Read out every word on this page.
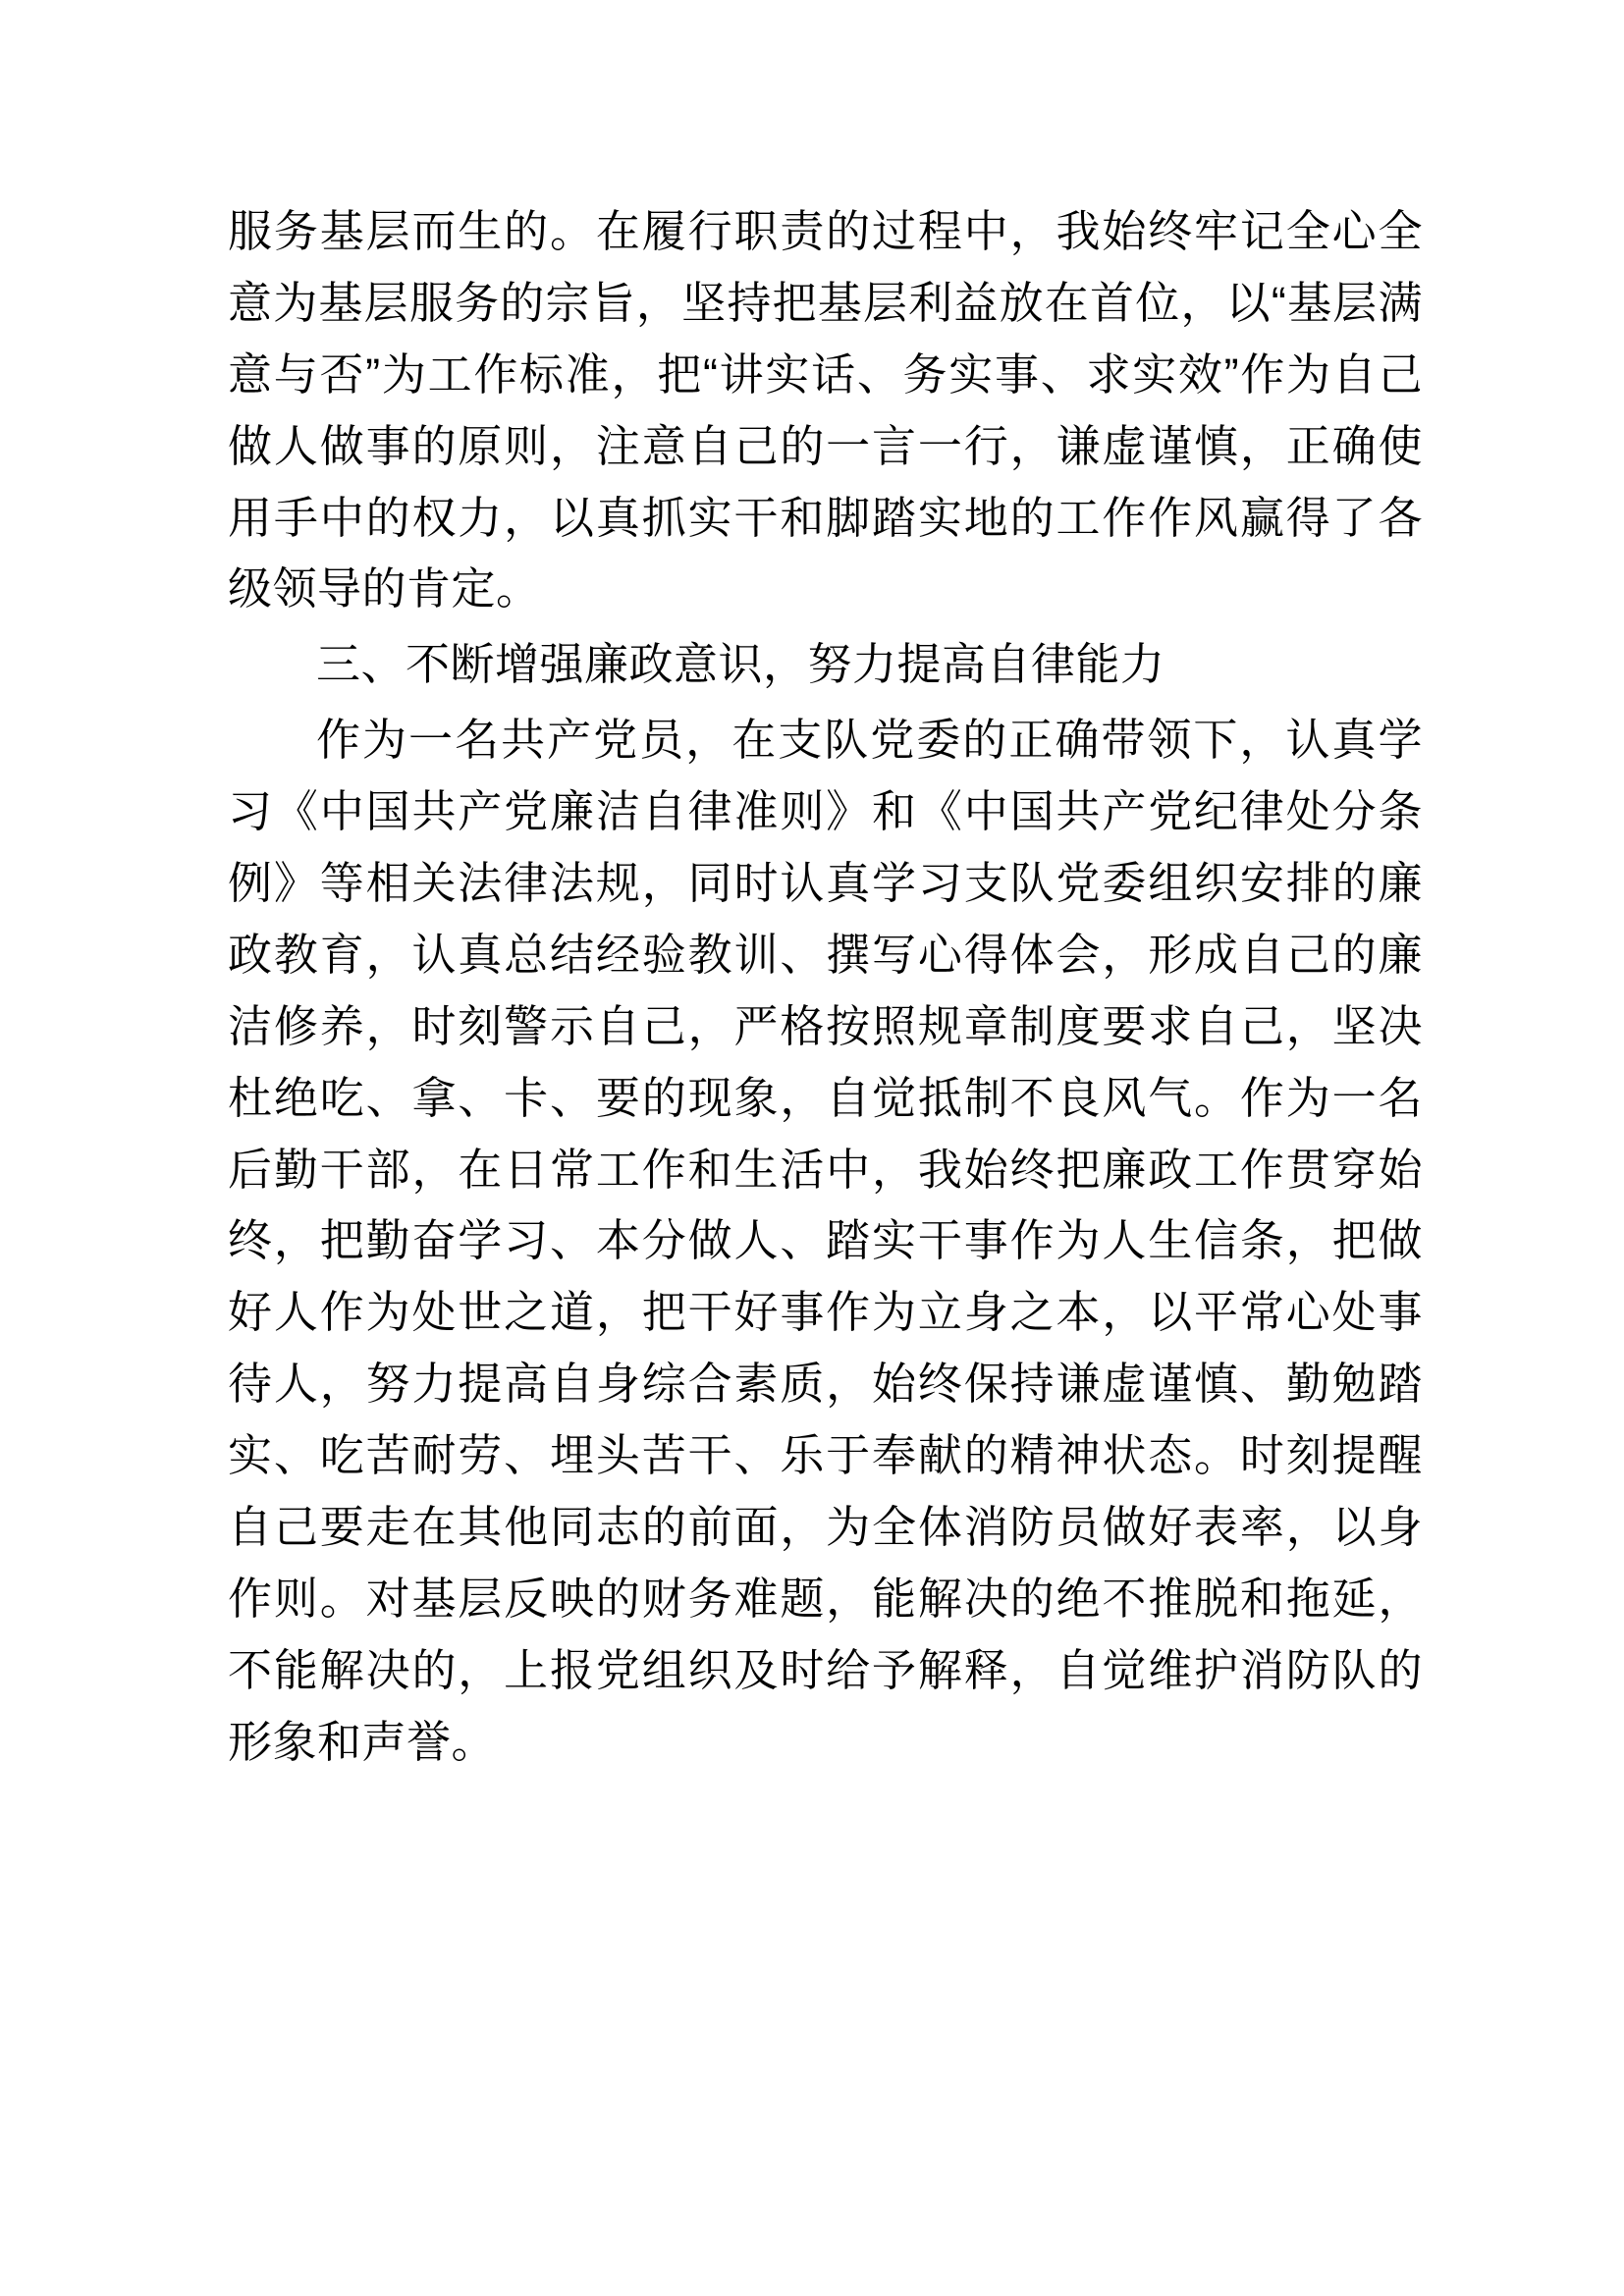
服务基层而生的。在履行职责的过程中，我始终牢记全心全意为基层服务的宗旨，坚持把基层利益放在首位，以“基层满意与否”为工作标准，把“讲实话、务实事、求实效”作为自己做人做事的原则，注意自己的一言一行，谦虚谨慎，正确使用手中的权力，以真抓实干和脚踏实地的工作作风赢得了各级领导的肯定。

三、不断增强廉政意识，努力提高自律能力

作为一名共产党员，在支队党委的正确带领下，认真学习《中国共产党廉洁自律准则》和《中国共产党纪律处分条例》等相关法律法规，同时认真学习支队党委组织安排的廉政教育，认真总结经验教训、撰写心得体会，形成自己的廉洁修养，时刻警示自己，严格按照规章制度要求自己，坚决杜绝吃、拿、卡、要的现象，自觉抵制不良风气。作为一名后勤干部，在日常工作和生活中，我始终把廉政工作贯穿始终，把勤奋学习、本分做人、踏实干事作为人生信条，把做好人作为处世之道，把干好事作为立身之本，以平常心处事待人，努力提高自身综合素质，始终保持谦虚谨慎、勤勉踏实、吃苦耐劳、埋头苦干、乐于奉献的精神状态。时刻提醒自己要走在其他同志的前面，为全体消防员做好表率，以身作则。对基层反映的财务难题，能解决的绝不推脱和拖延，不能解决的，上报党组织及时给予解释，自觉维护消防队的形象和声誉。
